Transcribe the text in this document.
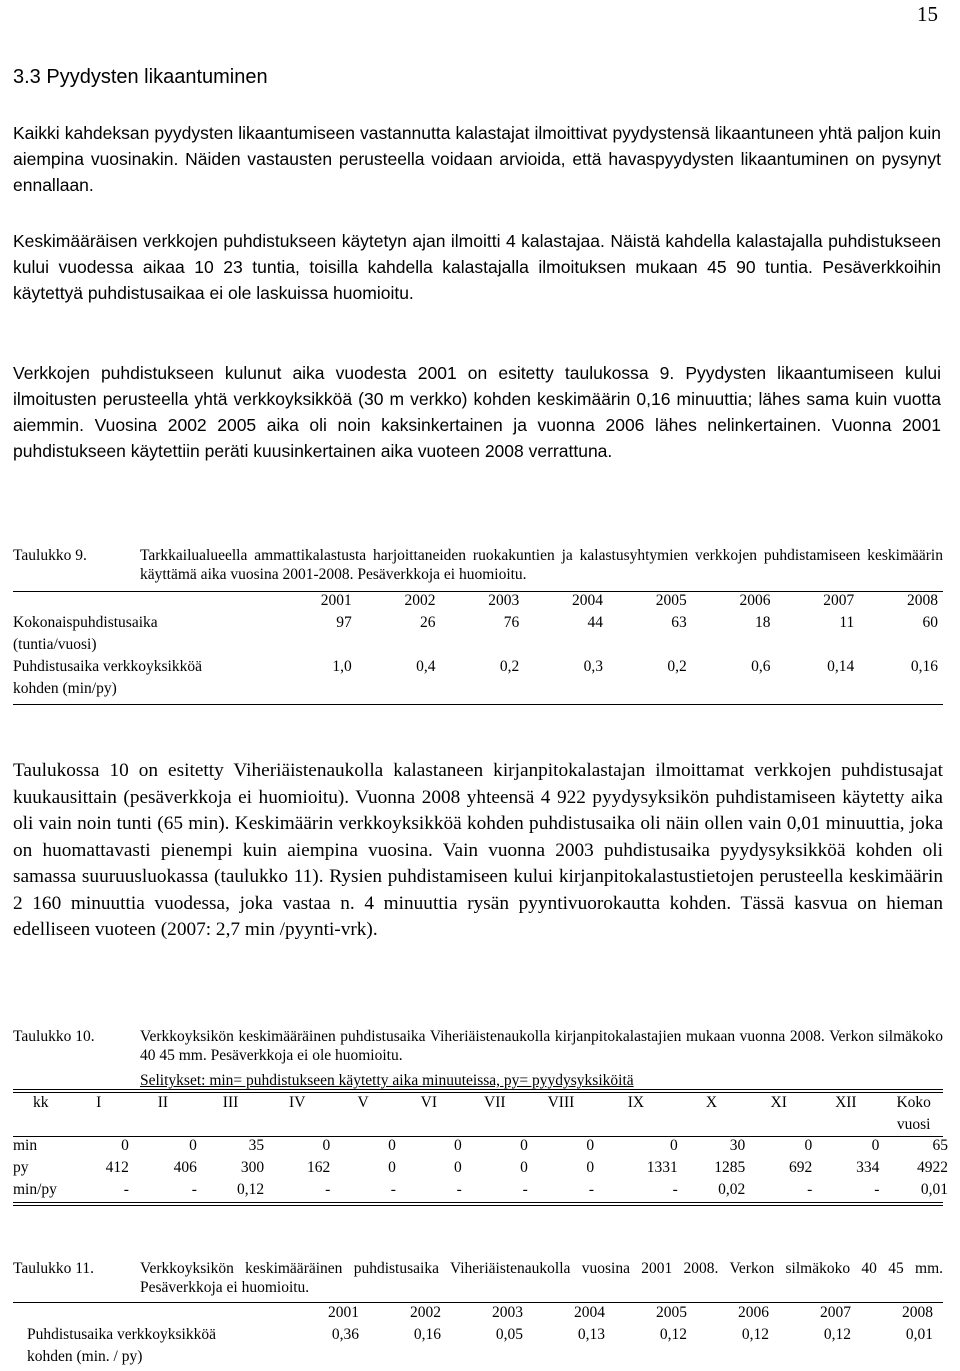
15
3.3 Pyydysten likaantuminen
Kaikki kahdeksan pyydysten likaantumiseen vastannutta kalastajat ilmoittivat pyydystensä likaantuneen yhtä paljon kuin aiempina vuosinakin. Näiden vastausten perusteella voidaan arvioida, että havaspyydysten likaantuminen on pysynyt ennallaan.
Keskimääräisen verkkojen puhdistukseen käytetyn ajan ilmoitti 4 kalastajaa. Näistä kahdella kalastajalla puhdistukseen kului vuodessa aikaa 10 23 tuntia, toisilla kahdella kalastajalla ilmoituksen mukaan 45 90 tuntia. Pesäverkkoihin käytettyä puhdistusaikaa ei ole laskuissa huomioitu.
Verkkojen puhdistukseen kulunut aika vuodesta 2001 on esitetty taulukossa 9. Pyydysten likaantumiseen kului ilmoitusten perusteella yhtä verkkoyksikköä (30 m verkko) kohden keskimäärin 0,16 minuuttia; lähes sama kuin vuotta aiemmin. Vuosina 2002 2005 aika oli noin kaksinkertainen ja vuonna 2006 lähes nelinkertainen. Vuonna 2001 puhdistukseen käytettiin peräti kuusinkertainen aika vuoteen 2008 verrattuna.
Taulukko 9.	Tarkkailualueella ammattikalastusta harjoittaneiden ruokakuntien ja kalastusyhtymien verkkojen puhdistamiseen keskimäärin käyttämä aika vuosina 2001-2008. Pesäverkkoja ei huomioitu.
	2001	2002	2003	2004	2005	2006	2007	2008
Kokonaispuhdistusaika	97	26	76	44	63	18	11	60
(tuntia/vuosi)								
Puhdistusaika verkkoyksikköä	1,0	0,4	0,2	0,3	0,2	0,6	0,14	0,16
kohden (min/py)								
Taulukossa 10 on esitetty Viheriäistenaukolla kalastaneen kirjanpitokalastajan ilmoittamat verkkojen puhdistusajat kuukausittain (pesäverkkoja ei huomioitu). Vuonna 2008 yhteensä 4 922 pyydysyksikön puhdistamiseen käytetty aika oli vain noin tunti (65 min). Keskimäärin verkkoyksikköä kohden puhdistusaika oli näin ollen vain 0,01 minuuttia, joka on huomattavasti pienempi kuin aiempina vuosina. Vain vuonna 2003 puhdistusaika pyydysyksikköä kohden oli samassa suuruusluokassa (taulukko 11). Rysien puhdistamiseen kului kirjanpitokalastustietojen perusteella keskimäärin 2 160 minuuttia vuodessa, joka vastaa n. 4 minuuttia rysän pyyntivuorokautta kohden. Tässä kasvua on hieman edelliseen vuoteen (2007: 2,7 min /pyynti-vrk).
Taulukko 10.	Verkkoyksikön keskimääräinen puhdistusaika Viheriäistenaukolla kirjanpitokalastajien mukaan vuonna 2008. Verkon silmäkoko 40 45 mm. Pesäverkkoja ei ole huomioitu.
Selitykset: min= puhdistukseen käytetty aika minuuteissa, py= pyydysyksiköitä
kk	I	II	III	IV	V	VI	VII	VIII	IX	X	XI	XII	Koko
													vuosi
min	0	0	35	0	0	0	0	0	0	30	0	0	65
py	412	406	300	162	0	0	0	0	1331	1285	692	334	4922
min/py	-	-	0,12	-	-	-	-	-	-	0,02	-	-	0,01
Taulukko 11.	Verkkoyksikön keskimääräinen puhdistusaika Viheriäistenaukolla vuosina 2001 2008. Verkon silmäkoko 40 45 mm. Pesäverkkoja ei huomioitu.
	2001	2002	2003	2004	2005	2006	2007	2008
Puhdistusaika verkkoyksikköä	0,36	0,16	0,05	0,13	0,12	0,12	0,12	0,01
kohden (min. / py)								
